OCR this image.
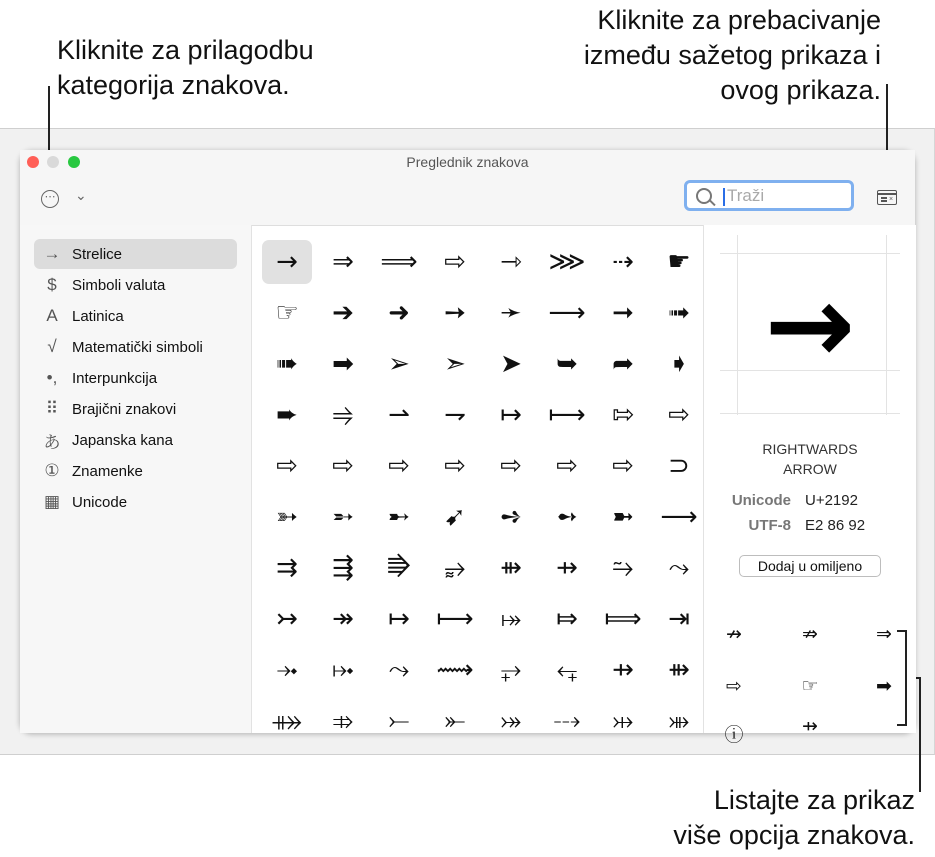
Kliknite za prilagodbu
kategorija znakova.
Kliknite za prebacivanje
između sažetog prikaza i
ovog prikaza.
Listajte za prikaz
više opcija znakova.
Preglednik znakova
⋯ ⌄
Traži	×
→ Strelice
$	Simboli valuta
A Latinica
√	Matematički simboli
•, Interpunkcija
⠿ Brajični znakovi
あ Japanska kana
① Znamenke
▦ Unicode
→	⇒	⟹	⇨	⇾	⋙	⇢	☛
☞	➔	➜	➙	➛	⟶	➞	➟
➠	➡	➢	➣	➤	➥	➦	➧
➨	⥤	⇀	⇁	↦	⟼	⇰	⇨
⇨	⇨	⇨	⇨	⇨	⇨	⇨	⊃
➳	➵	➸	➹	➺	➻	➼	⟶
⇉	⇶	⭆	⥵	⇻	⇸	⥲	⤳
↣	↠	↦	⟼	⤅	⤇	⟾	⇥
⤞	⤠	⤳	⟿	⥅	⥆	⇸	⇻
⤁	⤃	⤚	⤜	⤖	⤏	⤔	⤕
→
RIGHTWARDS
ARROW
Unicode U+2192
UTF-8 E2 86 92
Dodaj u omiljeno
↛	⇏	⇒
⇨	☞	➡
ⓘ	⇸
